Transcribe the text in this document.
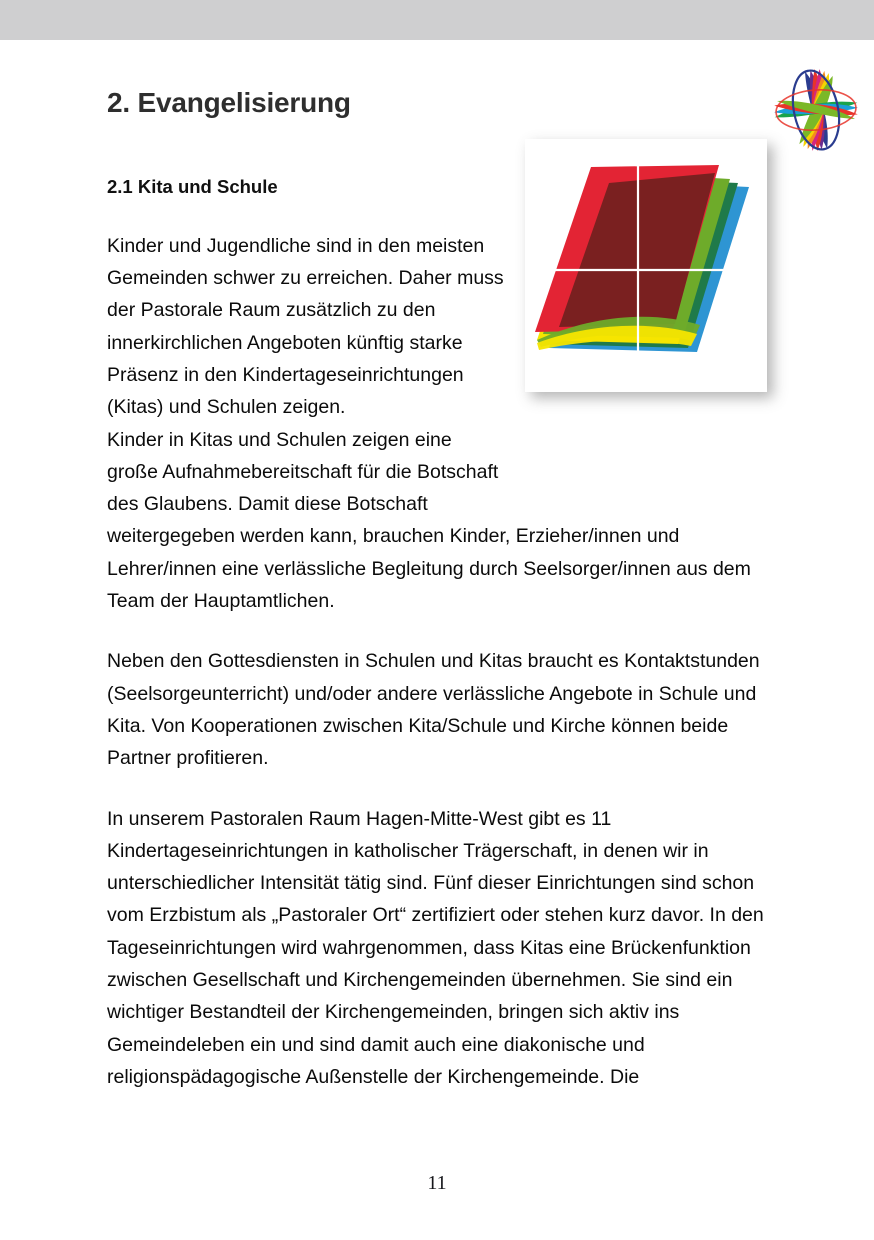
2. Evangelisierung
2.1 Kita und Schule

Kinder und Jugendliche sind in den meisten Gemeinden schwer zu erreichen. Daher muss der Pastorale Raum zusätzlich zu den innerkirchlichen Angeboten künftig starke Präsenz in den Kindertageseinrichtungen (Kitas) und Schulen zeigen.

Kinder in Kitas und Schulen zeigen eine große Aufnahmebereitschaft für die Botschaft des Glaubens. Damit diese Botschaft weitergegeben werden kann, brauchen Kinder, Erzieher/innen und Lehrer/innen eine verlässliche Begleitung durch Seelsorger/innen aus dem Team der Hauptamtlichen.

Neben den Gottesdiensten in Schulen und Kitas braucht es Kontaktstunden (Seelsorgeunterricht) und/oder andere verlässliche Angebote in Schule und Kita. Von Kooperationen zwischen Kita/Schule und Kirche können beide Partner profitieren.

In unserem Pastoralen Raum Hagen-Mitte-West gibt es 11 Kindertageseinrichtungen in katholischer Trägerschaft, in denen wir in unterschiedlicher Intensität tätig sind. Fünf dieser Einrichtungen sind schon vom Erzbistum als „Pastoraler Ort“ zertifiziert oder stehen kurz davor. In den Tageseinrichtungen wird wahrgenommen, dass Kitas eine Brückenfunktion zwischen Gesellschaft und Kirchengemeinden übernehmen. Sie sind ein wichtiger Bestandteil der Kirchengemeinden, bringen sich aktiv ins Gemeindeleben ein und sind damit auch eine diakonische und religionspädagogische Außenstelle der Kirchengemeinde. Die

11
